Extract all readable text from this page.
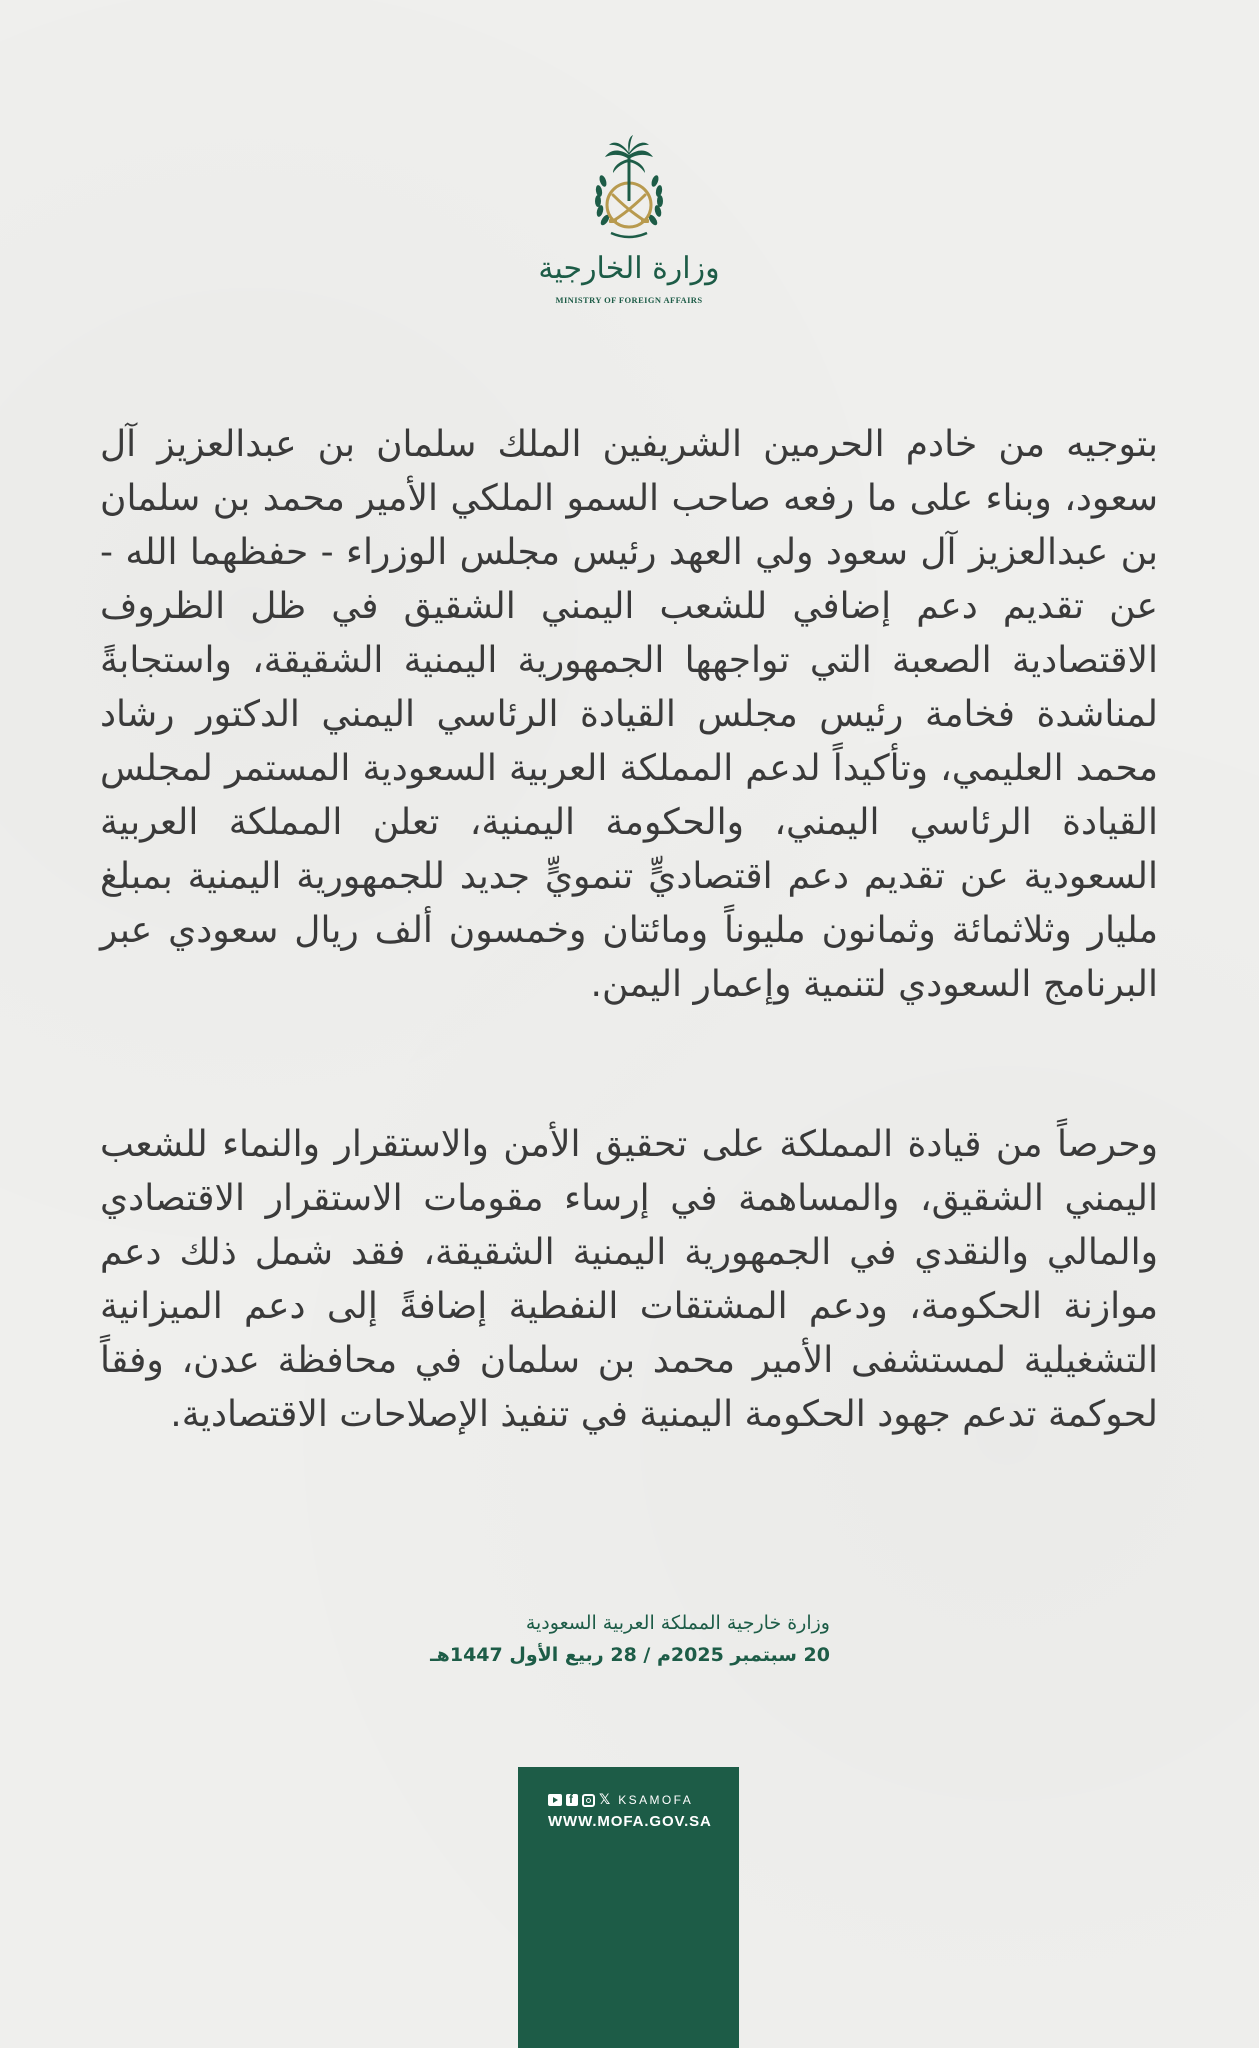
وزارة الخارجية
MINISTRY OF FOREIGN AFFAIRS

بتوجيه من خادم الحرمين الشريفين الملك سلمان بن عبدالعزيز آل سعود، وبناء على ما رفعه صاحب السمو الملكي الأمير محمد بن سلمان بن عبدالعزيز آل سعود ولي العهد رئيس مجلس الوزراء - حفظهما الله - عن تقديم دعم إضافي للشعب اليمني الشقيق في ظل الظروف الاقتصادية الصعبة التي تواجهها الجمهورية اليمنية الشقيقة، واستجابةً لمناشدة فخامة رئيس مجلس القيادة الرئاسي اليمني الدكتور رشاد محمد العليمي، وتأكيداً لدعم المملكة العربية السعودية المستمر لمجلس القيادة الرئاسي اليمني، والحكومة اليمنية، تعلن المملكة العربية السعودية عن تقديم دعم اقتصاديٍّ تنمويٍّ جديد للجمهورية اليمنية بمبلغ مليار وثلاثمائة وثمانون مليوناً ومائتان وخمسون ألف ريال سعودي عبر البرنامج السعودي لتنمية وإعمار اليمن.

وحرصاً من قيادة المملكة على تحقيق الأمن والاستقرار والنماء للشعب اليمني الشقيق، والمساهمة في إرساء مقومات الاستقرار الاقتصادي والمالي والنقدي في الجمهورية اليمنية الشقيقة، فقد شمل ذلك دعم موازنة الحكومة، ودعم المشتقات النفطية إضافةً إلى دعم الميزانية التشغيلية لمستشفى الأمير محمد بن سلمان في محافظة عدن، وفقاً لحوكمة تدعم جهود الحكومة اليمنية في تنفيذ الإصلاحات الاقتصادية.

وزارة خارجية المملكة العربية السعودية
20 سبتمبر 2025م / 28 ربيع الأول 1447هـ
f
𝕏 KSAMOFA
WWW.MOFA.GOV.SA
